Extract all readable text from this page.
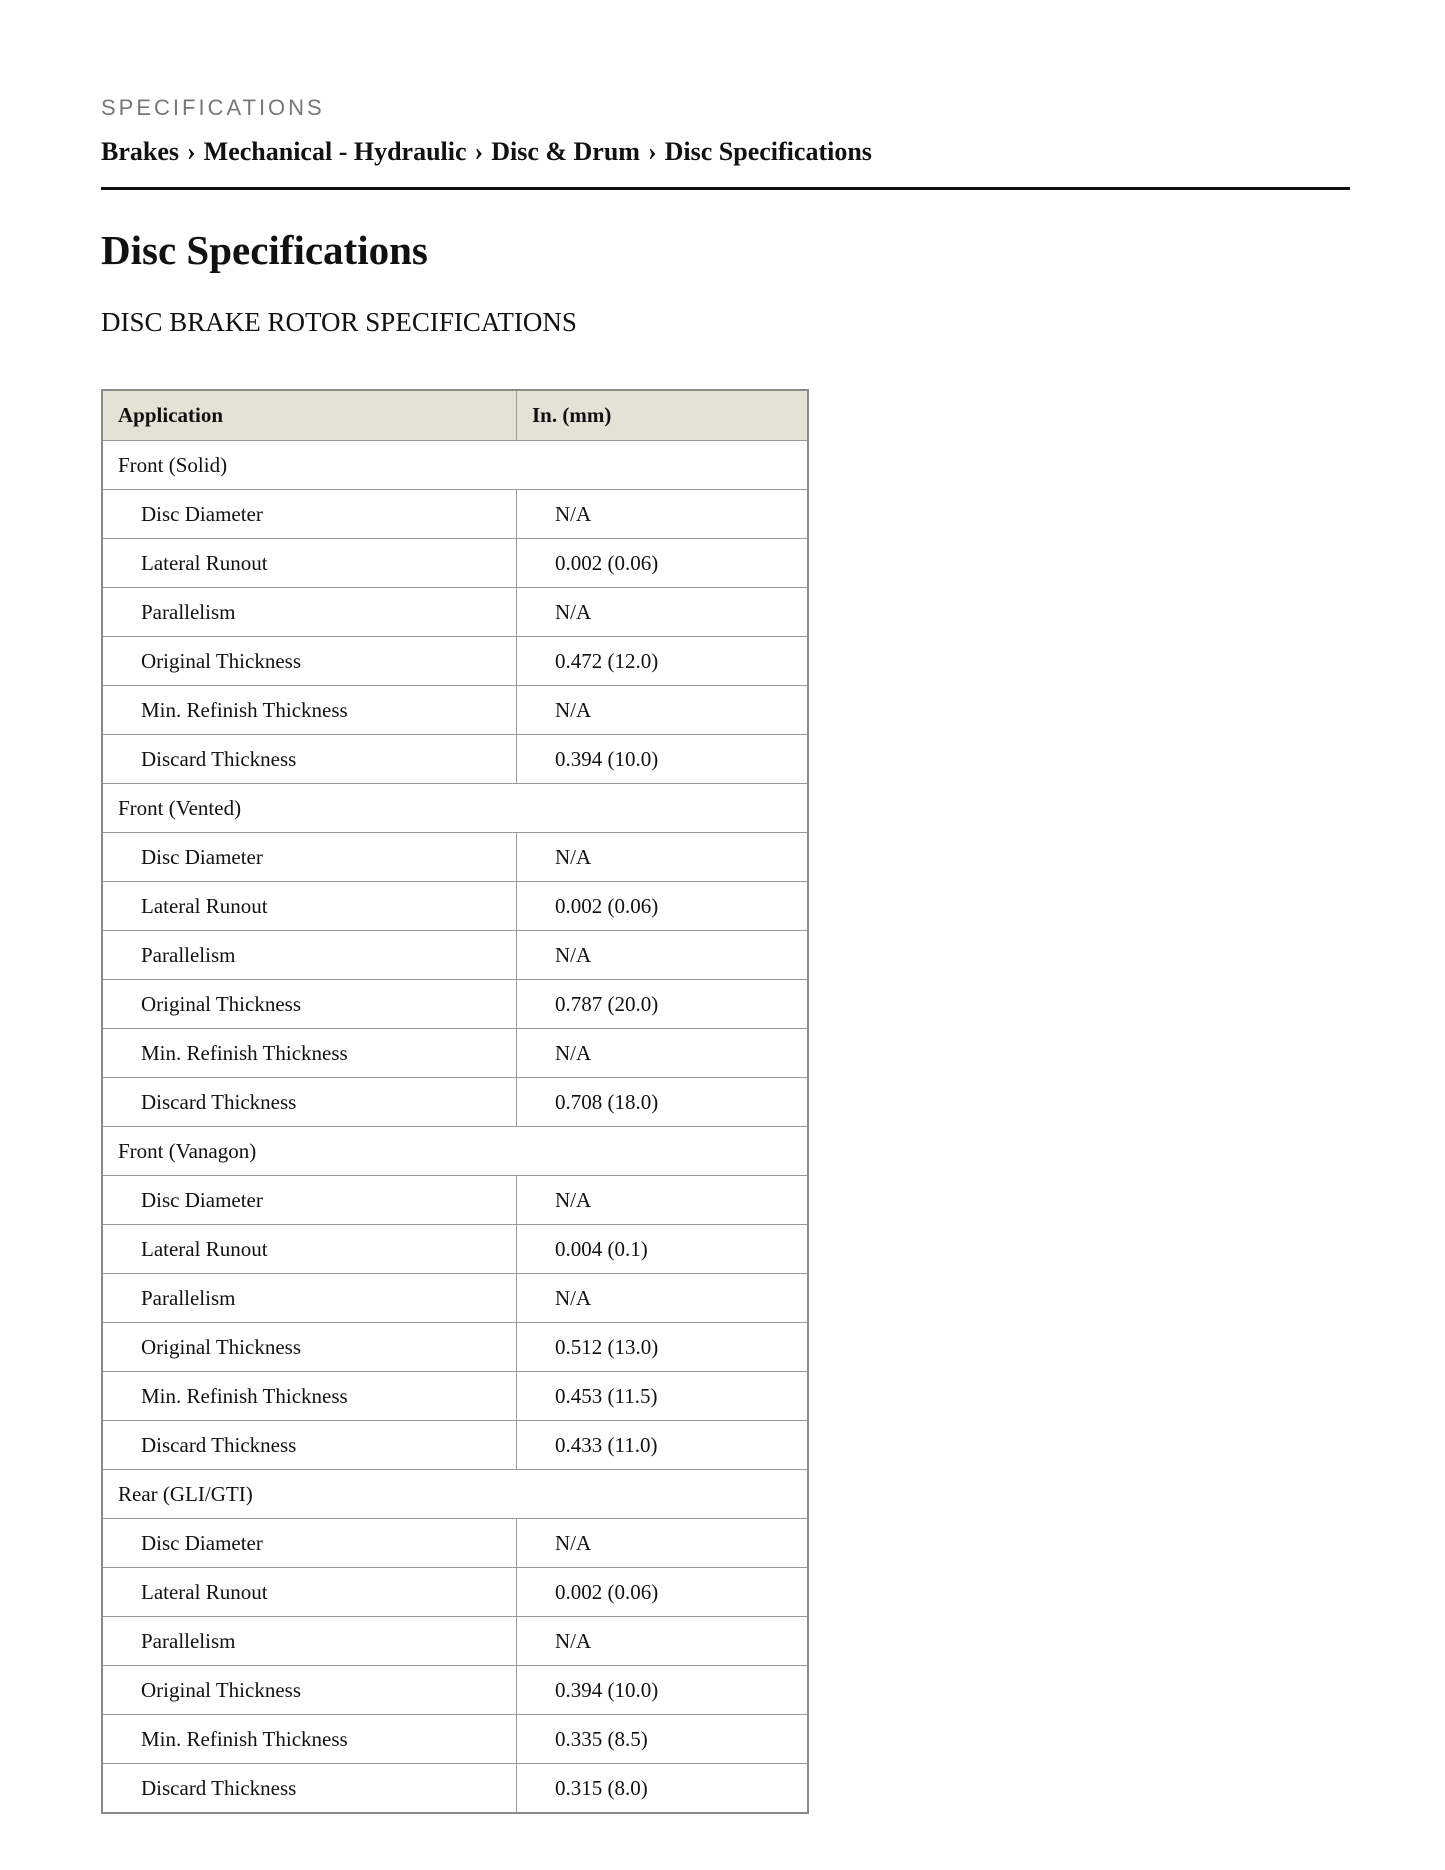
SPECIFICATIONS
Brakes › Mechanical - Hydraulic › Disc & Drum › Disc Specifications
Disc Specifications
DISC BRAKE ROTOR SPECIFICATIONS
Application	In. (mm)
Front (Solid)	
Disc Diameter	N/A
Lateral Runout	0.002 (0.06)
Parallelism	N/A
Original Thickness	0.472 (12.0)
Min. Refinish Thickness	N/A
Discard Thickness	0.394 (10.0)
Front (Vented)	
Disc Diameter	N/A
Lateral Runout	0.002 (0.06)
Parallelism	N/A
Original Thickness	0.787 (20.0)
Min. Refinish Thickness	N/A
Discard Thickness	0.708 (18.0)
Front (Vanagon)	
Disc Diameter	N/A
Lateral Runout	0.004 (0.1)
Parallelism	N/A
Original Thickness	0.512 (13.0)
Min. Refinish Thickness	0.453 (11.5)
Discard Thickness	0.433 (11.0)
Rear (GLI/GTI)	
Disc Diameter	N/A
Lateral Runout	0.002 (0.06)
Parallelism	N/A
Original Thickness	0.394 (10.0)
Min. Refinish Thickness	0.335 (8.5)
Discard Thickness	0.315 (8.0)
